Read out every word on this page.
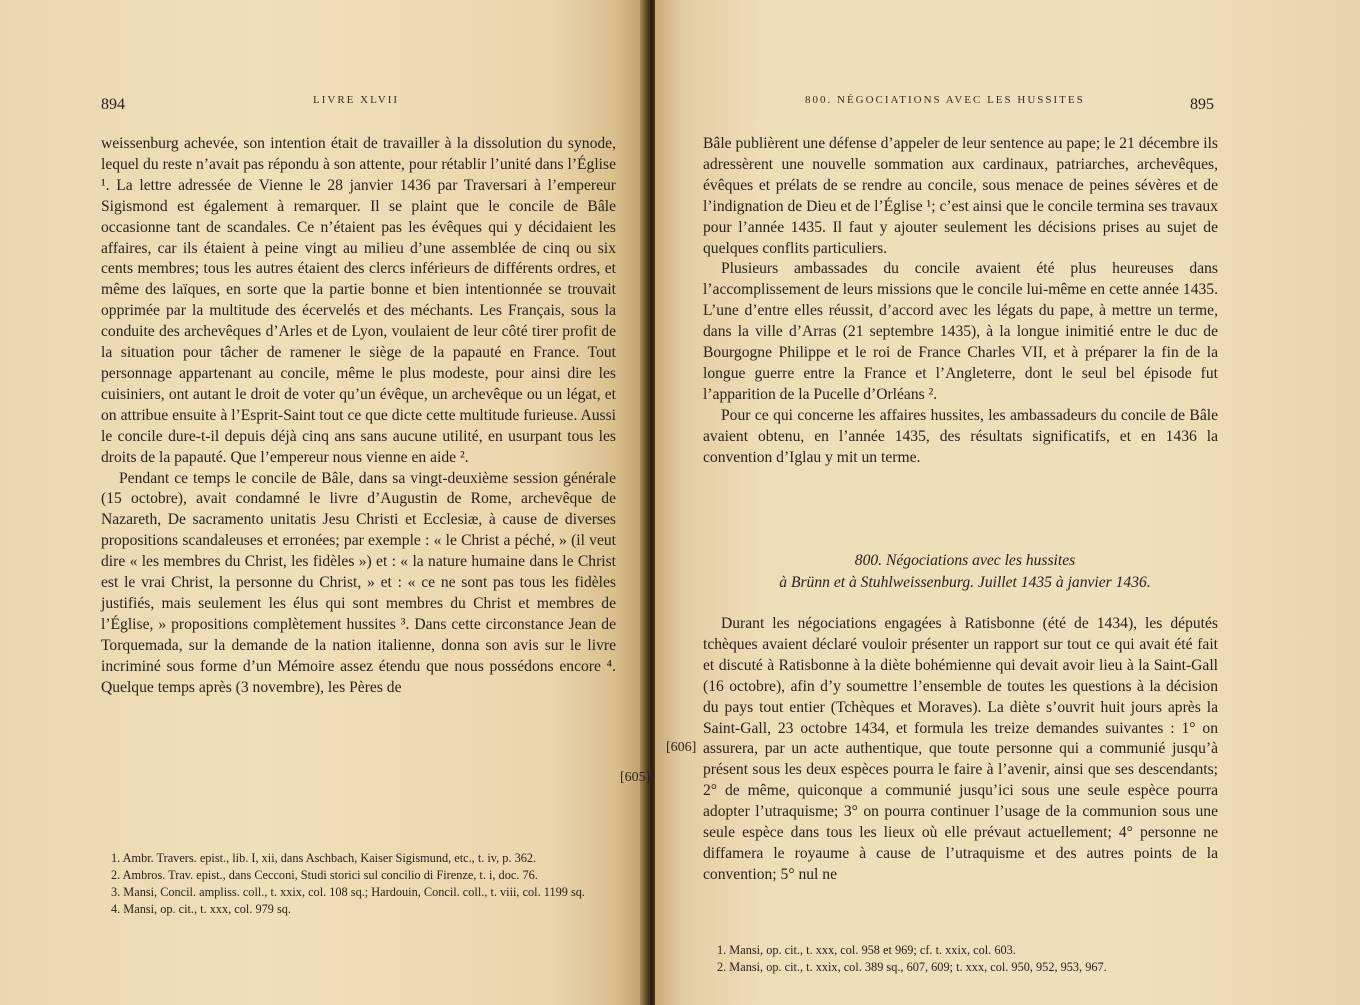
894	LIVRE XLVII

weissenburg achevée, son intention était de travailler à la dissolution du synode, lequel du reste n’avait pas répondu à son attente, pour rétablir l’unité dans l’Église ¹. La lettre adressée de Vienne le 28 janvier 1436 par Traversari à l’empereur Sigismond est également à remarquer. Il se plaint que le concile de Bâle occasionne tant de scandales. Ce n’étaient pas les évêques qui y décidaient les affaires, car ils étaient à peine vingt au milieu d’une assemblée de cinq ou six cents membres; tous les autres étaient des clercs inférieurs de différents ordres, et même des laïques, en sorte que la partie bonne et bien intentionnée se trouvait opprimée par la multitude des écervelés et des méchants. Les Français, sous la conduite des archevêques d’Arles et de Lyon, voulaient de leur côté tirer profit de la situation pour tâcher de ramener le siège de la papauté en France. Tout personnage appartenant au concile, même le plus modeste, pour ainsi dire les cuisiniers, ont autant le droit de voter qu’un évêque, un archevêque ou un légat, et on attribue ensuite à l’Esprit-Saint tout ce que dicte cette multitude furieuse. Aussi le concile dure-t-il depuis déjà cinq ans sans aucune utilité, en usurpant tous les droits de la papauté. Que l’empereur nous vienne en aide ².

Pendant ce temps le concile de Bâle, dans sa vingt-deuxième session générale (15 octobre), avait condamné le livre d’Augustin de Rome, archevêque de Nazareth, De sacramento unitatis Jesu Christi et Ecclesiæ, à cause de diverses propositions scandaleuses et erronées; par exemple : « le Christ a péché, » (il veut dire « les membres du Christ, les fidèles ») et : « la nature humaine dans le Christ est le vrai Christ, la personne du Christ, » et : « ce ne sont pas tous les fidèles justifiés, mais seulement les élus qui sont membres du Christ et membres de l’Église, » propositions complètement hussites ³. Dans cette circonstance Jean de Torquemada, sur la demande de la nation italienne, donna son avis sur le livre incriminé sous forme d’un Mémoire assez étendu que nous possédons encore ⁴. Quelque temps après (3 novembre), les Pères de

1. Ambr. Travers. epist., lib. I, xii, dans Aschbach, Kaiser Sigismund, etc., t. iv, p. 362.

2. Ambros. Trav. epist., dans Cecconi, Studi storici sul concilio di Firenze, t. i, doc. 76.

3. Mansi, Concil. ampliss. coll., t. xxix, col. 108 sq.; Hardouin, Concil. coll., t. viii, col. 1199 sq.

4. Mansi, op. cit., t. xxx, col. 979 sq.

[605]
800. NÉGOCIATIONS AVEC LES HUSSITES	895

Bâle publièrent une défense d’appeler de leur sentence au pape; le 21 décembre ils adressèrent une nouvelle sommation aux cardinaux, patriarches, archevêques, évêques et prélats de se rendre au concile, sous menace de peines sévères et de l’indignation de Dieu et de l’Église ¹; c’est ainsi que le concile termina ses travaux pour l’année 1435. Il faut y ajouter seulement les décisions prises au sujet de quelques conflits particuliers.

Plusieurs ambassades du concile avaient été plus heureuses dans l’accomplissement de leurs missions que le concile lui-même en cette année 1435. L’une d’entre elles réussit, d’accord avec les légats du pape, à mettre un terme, dans la ville d’Arras (21 septembre 1435), à la longue inimitié entre le duc de Bourgogne Philippe et le roi de France Charles VII, et à préparer la fin de la longue guerre entre la France et l’Angleterre, dont le seul bel épisode fut l’apparition de la Pucelle d’Orléans ².

Pour ce qui concerne les affaires hussites, les ambassadeurs du concile de Bâle avaient obtenu, en l’année 1435, des résultats significatifs, et en 1436 la convention d’Iglau y mit un terme.

Durant les négociations engagées à Ratisbonne (été de 1434), les députés tchèques avaient déclaré vouloir présenter un rapport sur tout ce qui avait été fait et discuté à Ratisbonne à la diète bohémienne qui devait avoir lieu à la Saint-Gall (16 octobre), afin d’y soumettre l’ensemble de toutes les questions à la décision du pays tout entier (Tchèques et Moraves). La diète s’ouvrit huit jours après la Saint-Gall, 23 octobre 1434, et formula les treize demandes suivantes : 1° on assurera, par un acte authentique, que toute personne qui a communié jusqu’à présent sous les deux espèces pourra le faire à l’avenir, ainsi que ses descendants; 2° de même, quiconque a communié jusqu’ici sous une seule espèce pourra adopter l’utraquisme; 3° on pourra continuer l’usage de la communion sous une seule espèce dans tous les lieux où elle prévaut actuellement; 4° personne ne diffamera le royaume à cause de l’utraquisme et des autres points de la convention; 5° nul ne

1. Mansi, op. cit., t. xxx, col. 958 et 969; cf. t. xxix, col. 603.

2. Mansi, op. cit., t. xxix, col. 389 sq., 607, 609; t. xxx, col. 950, 952, 953, 967.

800. Négociations avec les hussites
à Brünn et à Stuhlweissenburg. Juillet 1435 à janvier 1436.
[606]
